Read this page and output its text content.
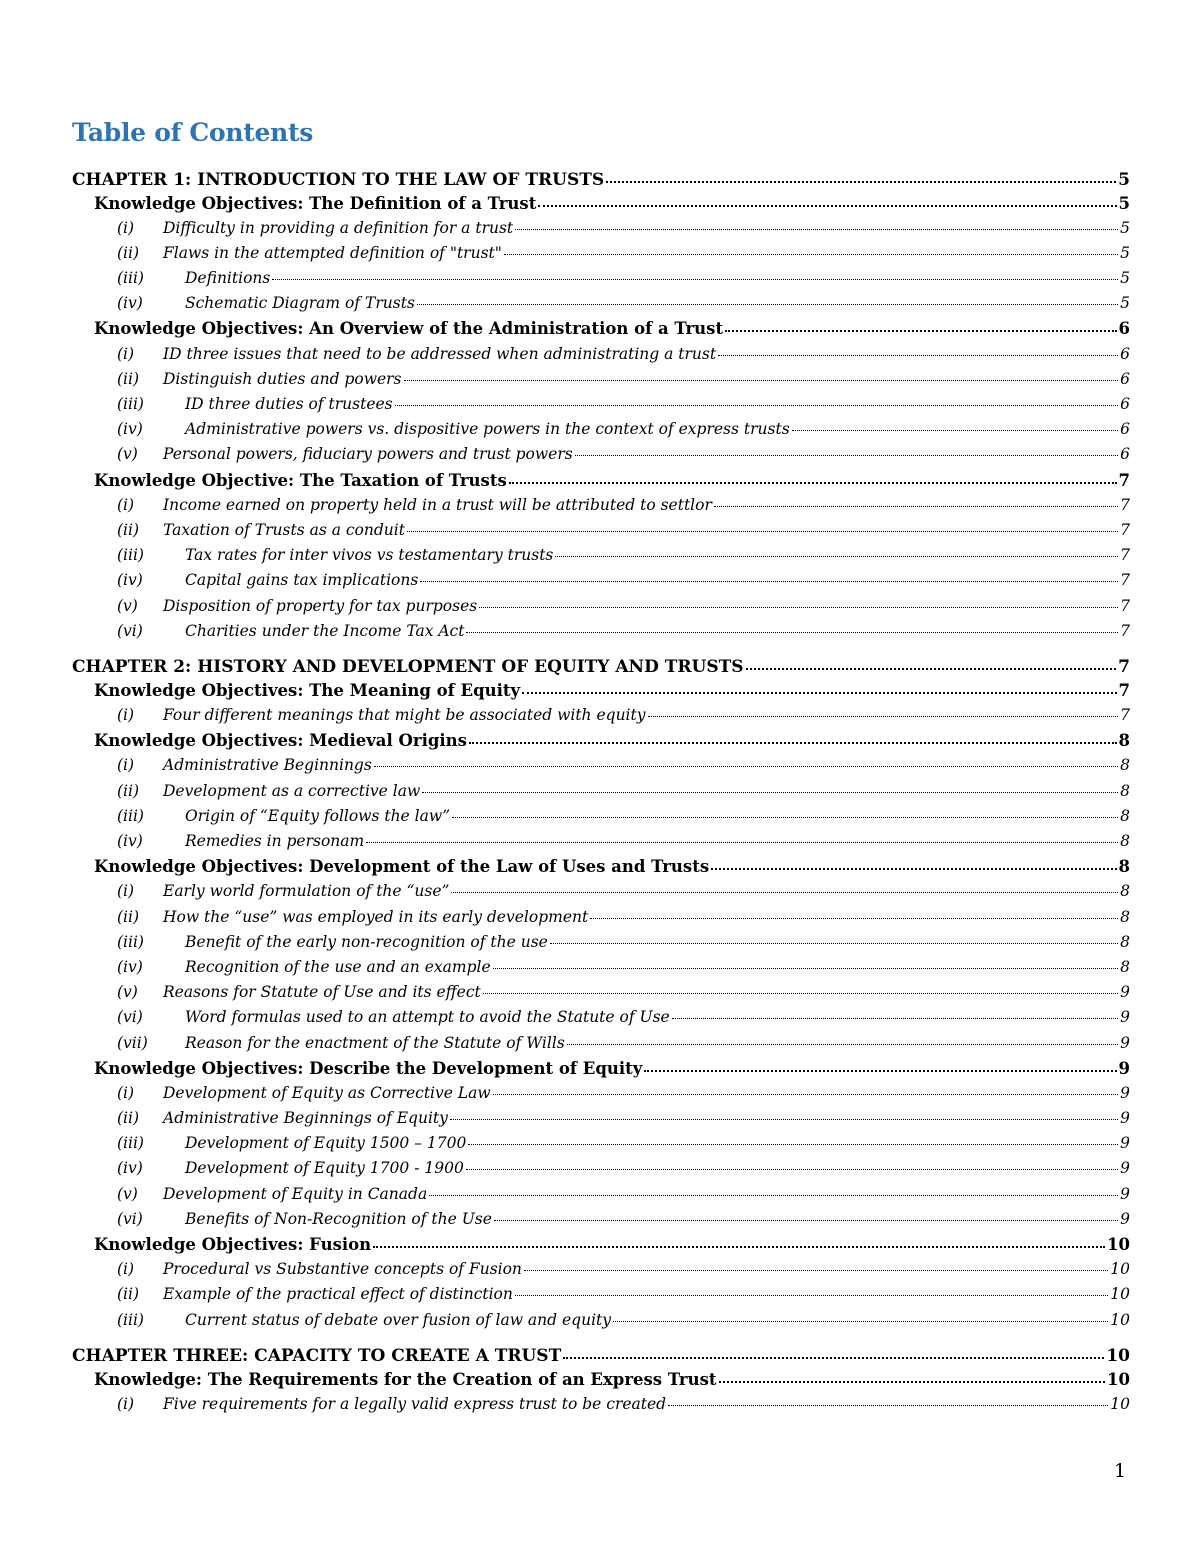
Table of Contents
CHAPTER 1: INTRODUCTION TO THE LAW OF TRUSTS	5
Knowledge Objectives: The Definition of a Trust	5
(i) Difficulty in providing a definition for a trust	5
(ii) Flaws in the attempted definition of "trust"	5
(iii)	Definitions	5
(iv)	Schematic Diagram of Trusts	5
Knowledge Objectives: An Overview of the Administration of a Trust	6
(i) ID three issues that need to be addressed when administrating a trust	6
(ii) Distinguish duties and powers	6
(iii)	ID three duties of trustees	6
(iv)	Administrative powers vs. dispositive powers in the context of express trusts	6
(v) Personal powers, fiduciary powers and trust powers	6
Knowledge Objective: The Taxation of Trusts	7
(i) Income earned on property held in a trust will be attributed to settlor	7
(ii) Taxation of Trusts as a conduit	7
(iii)	Tax rates for inter vivos vs testamentary trusts	7
(iv)	Capital gains tax implications	7
(v) Disposition of property for tax purposes	7
(vi)	Charities under the Income Tax Act	7
CHAPTER 2: HISTORY AND DEVELOPMENT OF EQUITY AND TRUSTS	7
Knowledge Objectives: The Meaning of Equity	7
(i) Four different meanings that might be associated with equity	7
Knowledge Objectives: Medieval Origins	8
(i) Administrative Beginnings	8
(ii) Development as a corrective law	8
(iii)	Origin of “Equity follows the law”	8
(iv)	Remedies in personam	8
Knowledge Objectives: Development of the Law of Uses and Trusts	8
(i) Early world formulation of the “use”	8
(ii) How the “use” was employed in its early development	8
(iii)	Benefit of the early non-recognition of the use	8
(iv)	Recognition of the use and an example	8
(v) Reasons for Statute of Use and its effect	9
(vi)	Word formulas used to an attempt to avoid the Statute of Use	9
(vii) Reason for the enactment of the Statute of Wills	9
Knowledge Objectives: Describe the Development of Equity	9
(i) Development of Equity as Corrective Law	9
(ii) Administrative Beginnings of Equity	9
(iii)	Development of Equity 1500 – 1700	9
(iv)	Development of Equity 1700 - 1900	9
(v) Development of Equity in Canada	9
(vi)	Benefits of Non-Recognition of the Use	9
Knowledge Objectives: Fusion	10
(i) Procedural vs Substantive concepts of Fusion	10
(ii) Example of the practical effect of distinction	10
(iii)	Current status of debate over fusion of law and equity	10
CHAPTER THREE: CAPACITY TO CREATE A TRUST	10
Knowledge: The Requirements for the Creation of an Express Trust	10
(i) Five requirements for a legally valid express trust to be created	10
1
